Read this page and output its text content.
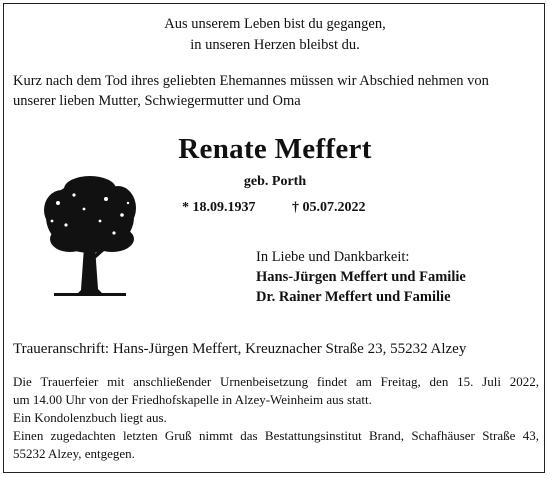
Aus unserem Leben bist du gegangen,
in unseren Herzen bleibst du.
Kurz nach dem Tod ihres geliebten Ehemannes müssen wir Abschied nehmen von
unserer lieben Mutter, Schwiegermutter und Oma
Renate Meffert
geb. Porth
* 18.09.1937	† 05.07.2022
In Liebe und Dankbarkeit:
Hans-Jürgen Meffert und Familie
Dr. Rainer Meffert und Familie
Traueranschrift: Hans-Jürgen Meffert, Kreuznacher Straße 23, 55232 Alzey
Die Trauerfeier mit anschließender Urnenbeisetzung findet am Freitag, den 15. Juli 2022,
um 14.00 Uhr von der Friedhofskapelle in Alzey-Weinheim aus statt.
Ein Kondolenzbuch liegt aus.
Einen zugedachten letzten Gruß nimmt das Bestattungsinstitut Brand, Schafhäuser Straße 43,
55232 Alzey, entgegen.
